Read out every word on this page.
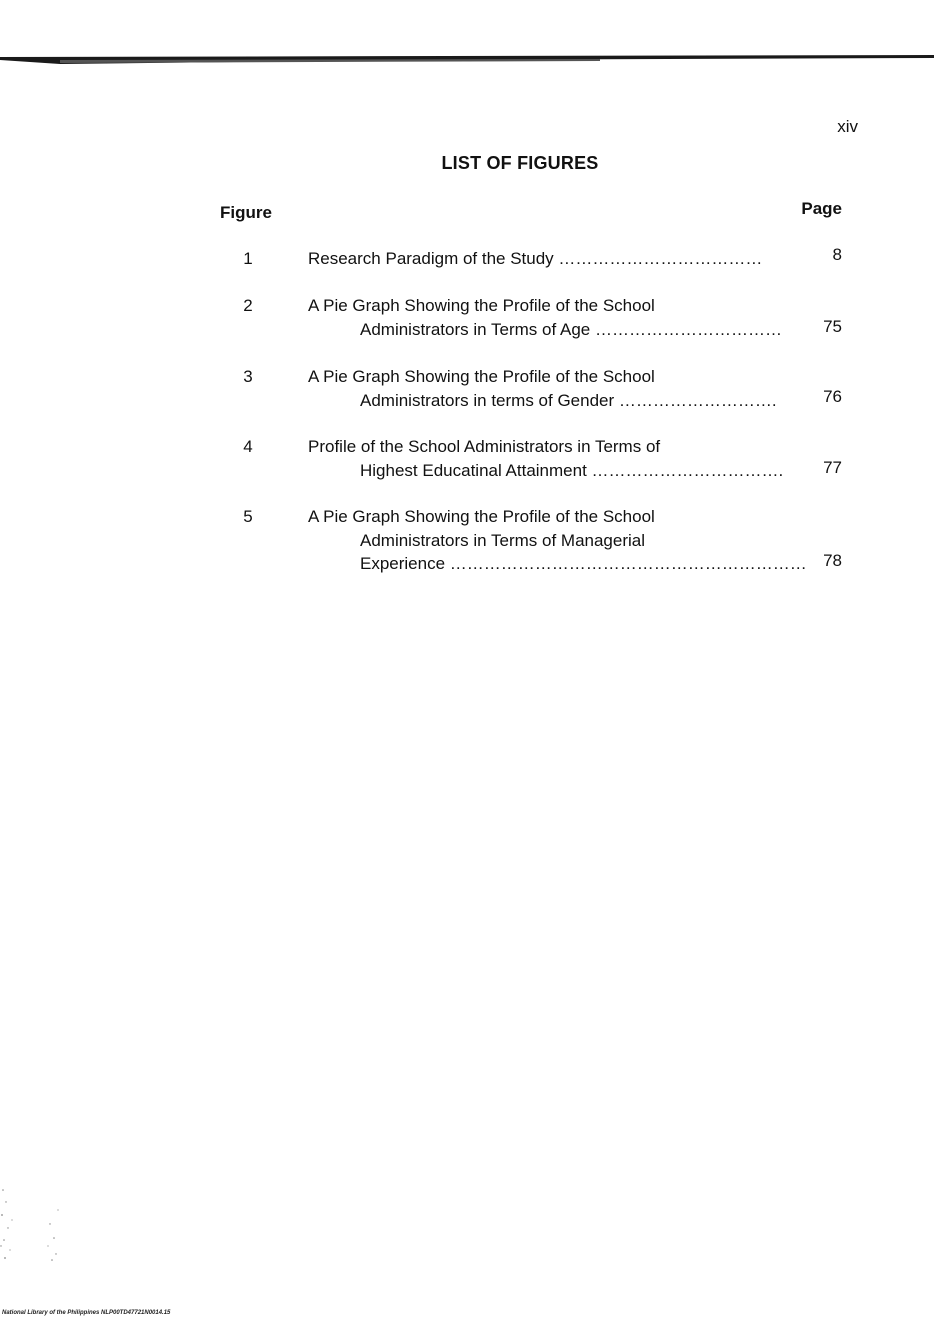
xiv
LIST OF FIGURES
Figure	Page
1	Research Paradigm of the Study ………………………………	8
2	A Pie Graph Showing the Profile of the School
Administrators in Terms of Age ……………………………	75
3	A Pie Graph Showing the Profile of the School
Administrators in terms of Gender ……………………….	76
4	Profile of the School Administrators in Terms of
Highest Educatinal Attainment …………………………….	77
5	A Pie Graph Showing the Profile of the School
Administrators in Terms of Managerial
Experience ……………………………………………………… 78
National Library of the Philippines NLP00TD47721N0014.15
